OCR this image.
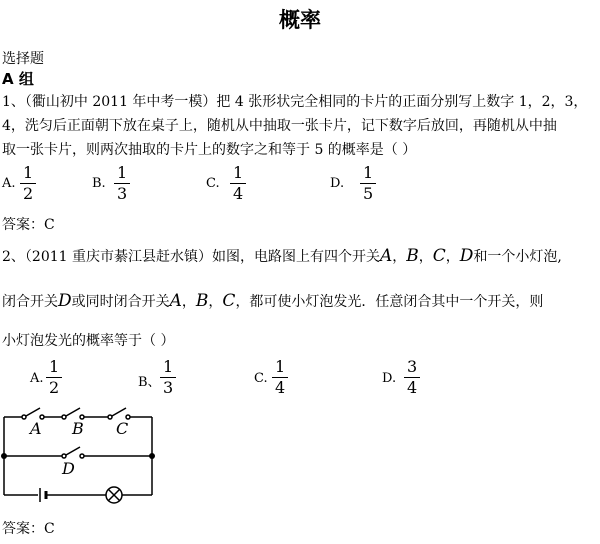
概率
选择题
A 组
1、（衢山初中 2011 年中考一模）把 4 张形状完全相同的卡片的正面分别写上数字 1，2，3，
4，洗匀后正面朝下放在桌子上，随机从中抽取一张卡片，记下数字后放回，再随机从中抽
取一张卡片，则两次抽取的卡片上的数字之和等于 5 的概率是（ ）
A. $\frac{1}{2}$	B. $\frac{1}{3}$	C. $\frac{1}{4}$	D. $\frac{1}{5}$
答案：C
2、（2011 重庆市綦江县赶水镇）如图，电路图上有四个开关A，B，C，D和一个小灯泡,
闭合开关D或同时闭合开关A，B，C，都可使小灯泡发光．任意闭合其中一个开关，则
小灯泡发光的概率等于（ ）
A. $\frac{1}{2}$	B、 $\frac{1}{3}$	C. $\frac{1}{4}$	D. $\frac{3}{4}$
A B C
D
答案：C
